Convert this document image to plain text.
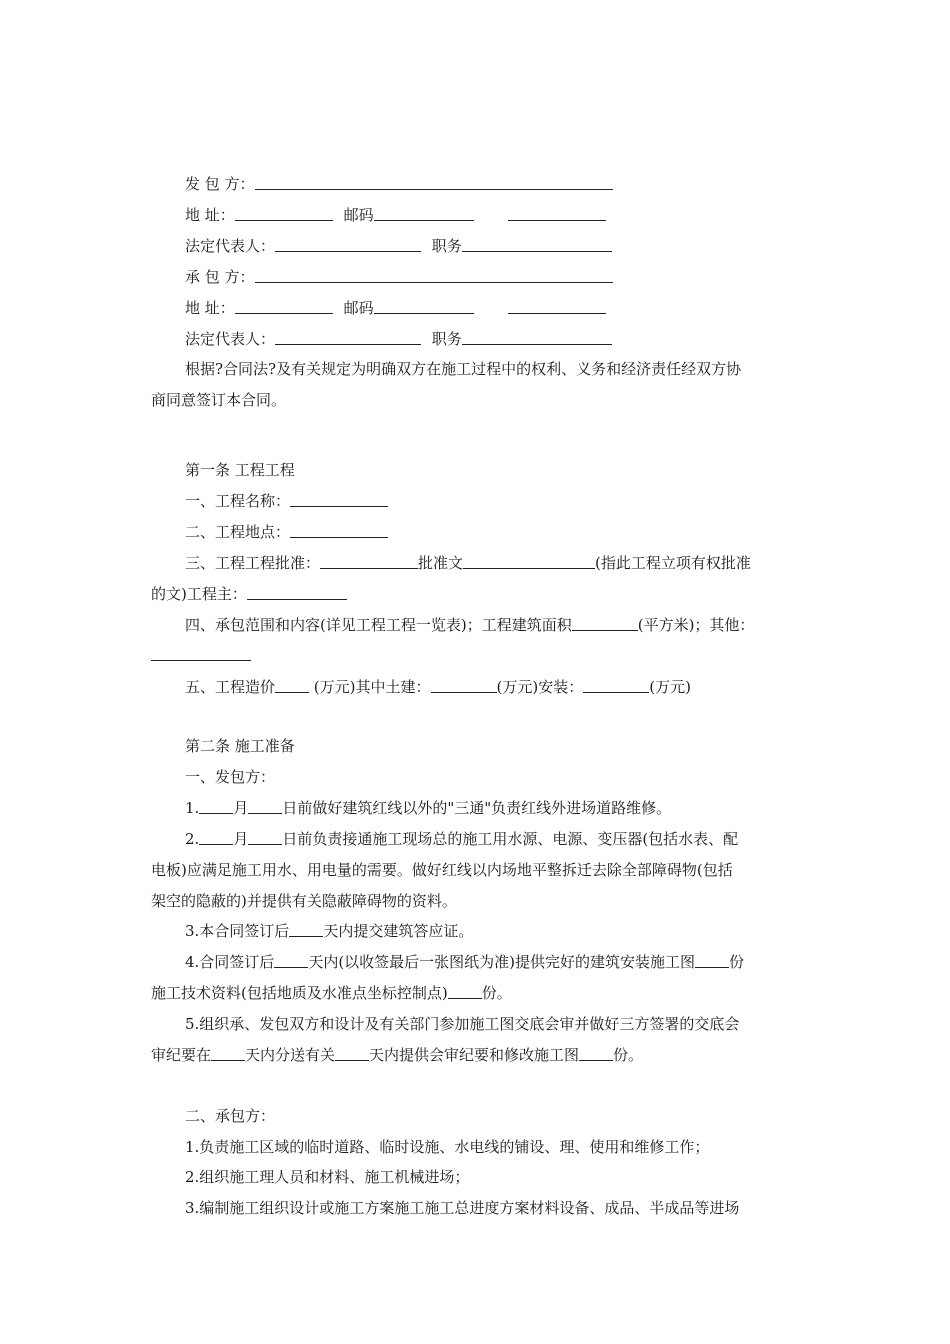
发 包 方：
地 址：	邮码
法定代表人：	职务
承 包 方：
地 址：	邮码
法定代表人：	职务
根据?合同法?及有关规定为明确双方在施工过程中的权利、义务和经济责任经双方协
商同意签订本合同。
第一条 工程工程
一、工程名称：
二、工程地点：
三、工程工程批准：	批准文	(指此工程立项有权批准
的文)工程主：
四、承包范围和内容(详见工程工程一览表)；工程建筑面积	(平方米)；其他：
五、工程造价	(万元)其中土建：	(万元)安装：	(万元)
第二条 施工准备
一、发包方：
1. 月 日前做好建筑红线以外的"三通"负责红线外进场道路维修。
2. 月 日前负责接通施工现场总的施工用水源、电源、变压器(包括水表、配
电板)应满足施工用水、用电量的需要。做好红线以内场地平整拆迁去除全部障碍物(包括
架空的隐蔽的)并提供有关隐蔽障碍物的资料。
3.本合同签订后 天内提交建筑答应证。
4.合同签订后 天内(以收签最后一张图纸为准)提供完好的建筑安装施工图 份
施工技术资料(包括地质及水准点坐标控制点) 份。
5.组织承、发包双方和设计及有关部门参加施工图交底会审并做好三方签署的交底会
审纪要在 天内分送有关 天内提供会审纪要和修改施工图 份。
二、承包方：
1.负责施工区域的临时道路、临时设施、水电线的铺设、理、使用和维修工作；
2.组织施工理人员和材料、施工机械进场；
3.编制施工组织设计或施工方案施工施工总进度方案材料设备、成品、半成品等进场
